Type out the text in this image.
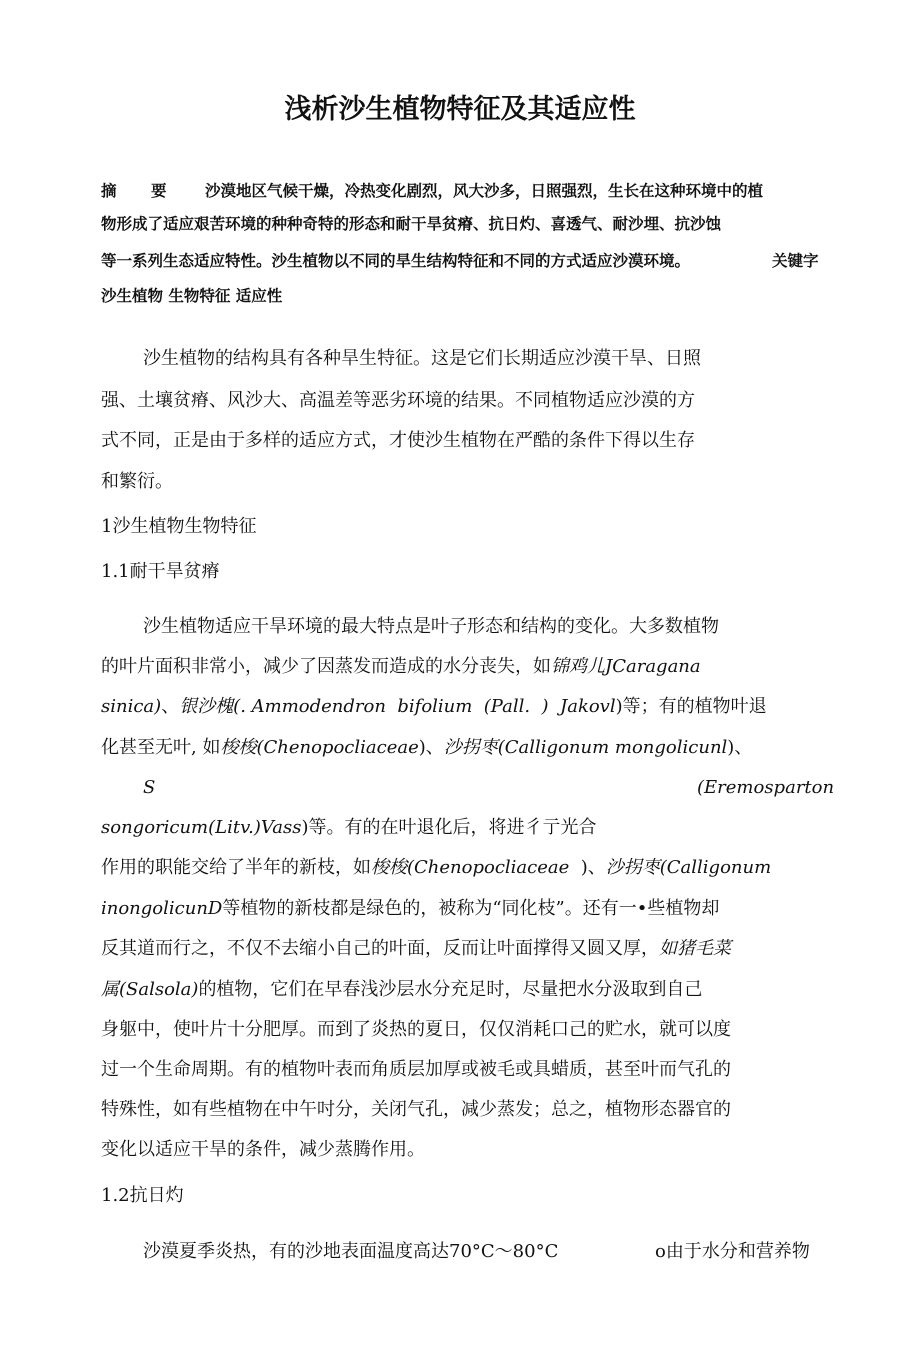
浅析沙生植物特征及其适应性
摘 要 沙漠地区气候干燥，冷热变化剧烈，风大沙多，日照强烈，生长在这种环境中的植
物形成了适应艰苦环境的种种奇特的形态和耐干旱贫瘠、抗日灼、喜透气、耐沙埋、抗沙蚀
等一系列生态适应特性。沙生植物以不同的旱生结构特征和不同的方式适应沙漠环境。	关键字
沙生植物 生物特征 适应性

沙生植物的结构具有各种旱生特征。这是它们长期适应沙漠干旱、日照

强、土壤贫瘠、风沙大、高温差等恶劣环境的结果。不同植物适应沙漠的方

式不同，正是由于多样的适应方式，才使沙生植物在严酷的条件下得以生存

和繁衍。

1沙生植物生物特征

1.1耐干旱贫瘠

沙生植物适应干旱环境的最大特点是叶子形态和结构的变化。大多数植物

的叶片面积非常小，减少了因蒸发而造成的水分丧失，如锦鸡儿JCaragana

sinica)、银沙槐(. Ammodendron  bifolium  (Pall.  )  Jakovl)等；有的植物叶退

化甚至无叶, 如梭梭(Chenopocliaceae)、沙拐枣(Calligonum mongolicunl)、

S	(Eremosparton

songoricum(Litv.)Vass)等。有的在叶退化后，将进彳亍光合

作用的职能交给了半年的新枝，如梭梭(Chenopocliaceae  )、沙拐枣(Calligonum

inongolicunD等植物的新枝都是绿色的，被称为“同化枝”。还有一•些植物却

反其道而行之，不仅不去缩小自己的叶面，反而让叶面撑得又圆又厚，如猪毛菜

属(Salsola)的植物，它们在早春浅沙层水分充足时，尽量把水分汲取到自己

身躯中，使叶片十分肥厚。而到了炎热的夏日，仅仅消耗口己的贮水，就可以度

过一个生命周期。有的植物叶表而角质层加厚或被毛或具蜡质，甚至叶而气孔的

特殊性，如有些植物在中午吋分，关闭气孔，减少蒸发；总之，植物形态器官的

变化以适应干旱的条件，减少蒸腾作用。

1.2抗日灼

沙漠夏季炎热，有的沙地表面温度高达70°C～80°C	o由于水分和营养物
